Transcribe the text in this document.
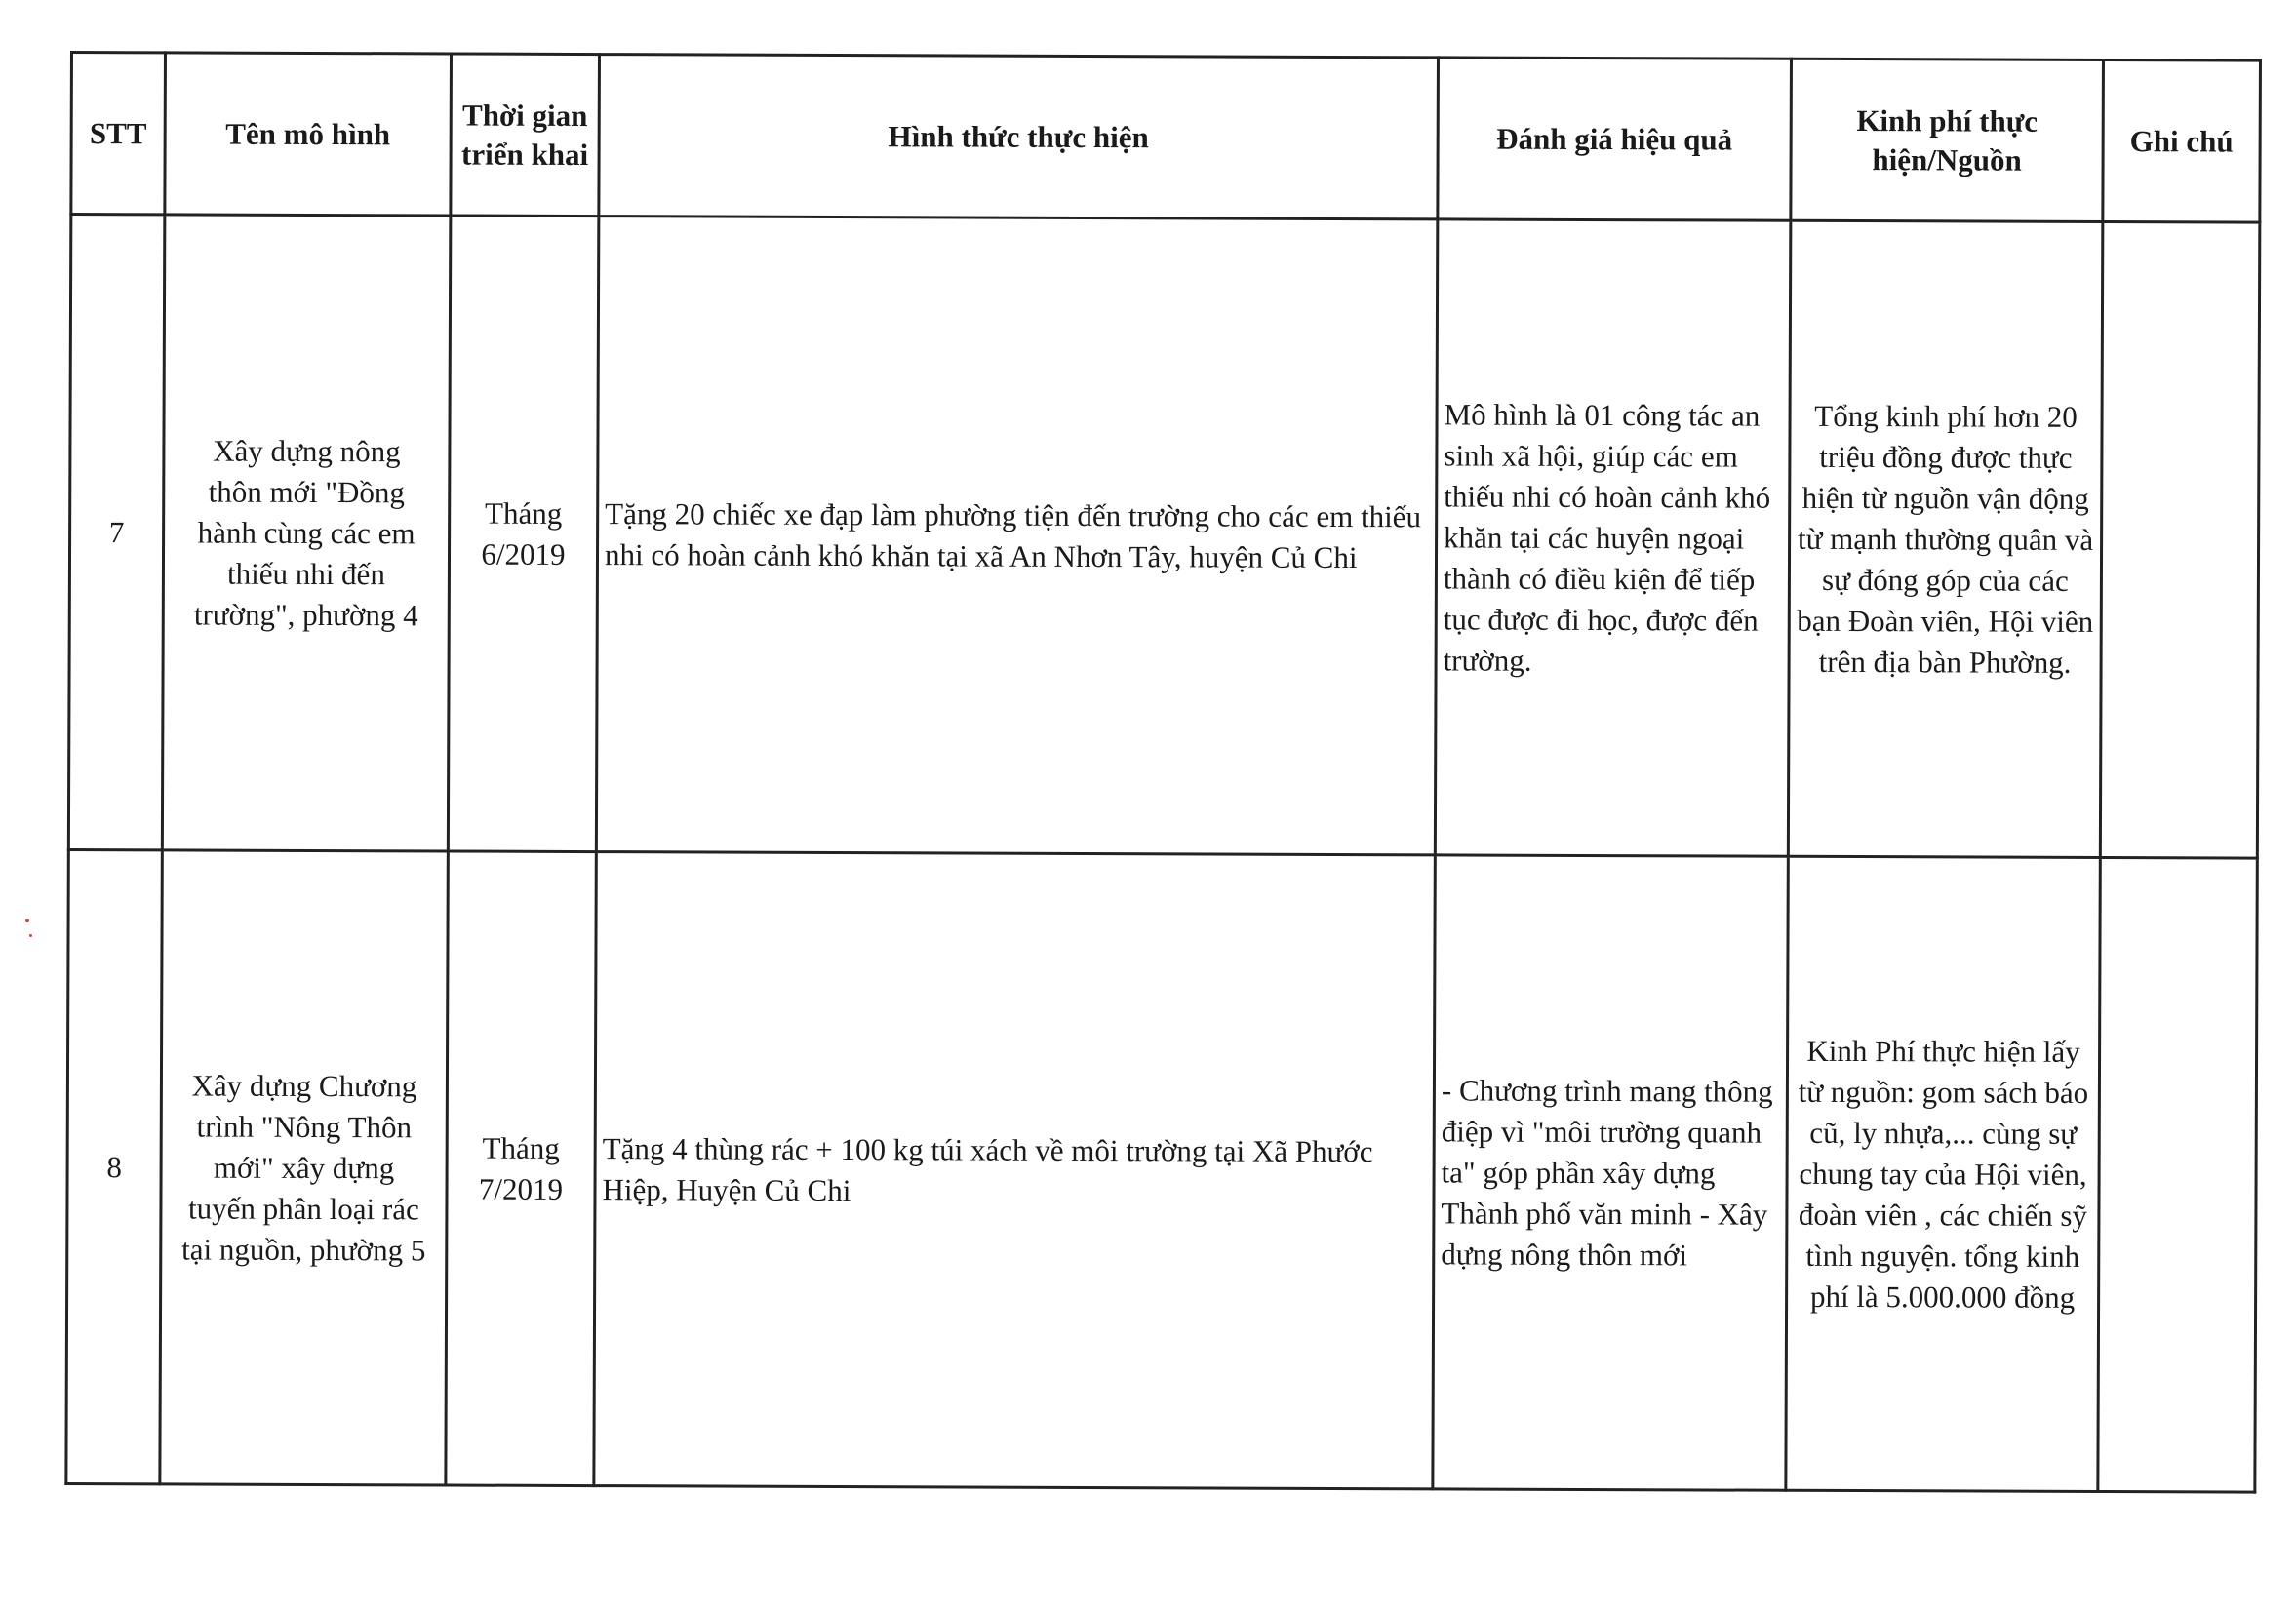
STT	Tên mô hình	Thời gian
triển khai	Hình thức thực hiện	Đánh giá hiệu quả	Kinh phí thực
hiện/Nguồn	Ghi chú

7	Xây dựng nông
thôn mới "Đồng
hành cùng các em
thiếu nhi đến
trường", phường 4	Tháng
6/2019	Tặng 20 chiếc xe đạp làm phường tiện đến trường cho các em thiếu nhi có hoàn cảnh khó khăn tại xã An Nhơn Tây, huyện Củ Chi	Mô hình là 01 công tác an sinh xã hội, giúp các em thiếu nhi có hoàn cảnh khó khăn tại các huyện ngoại thành có điều kiện để tiếp tục được đi học, được đến trường.	Tổng kinh phí hơn 20 triệu đồng được thực hiện từ nguồn vận động từ mạnh thường quân và sự đóng góp của các bạn Đoàn viên, Hội viên trên địa bàn Phường.	

8	Xây dựng Chương
trình "Nông Thôn
mới" xây dựng
tuyến phân loại rác
tại nguồn, phường 5	Tháng
7/2019	Tặng 4 thùng rác + 100 kg túi xách về môi trường tại Xã Phước Hiệp, Huyện Củ Chi	- Chương trình mang thông điệp vì "môi trường quanh ta" góp phần xây dựng Thành phố văn minh - Xây dựng nông thôn mới	Kinh Phí thực hiện lấy từ nguồn: gom sách báo cũ, ly nhựa,... cùng sự chung tay của Hội viên, đoàn viên , các chiến sỹ tình nguyện. tổng kinh phí là 5.000.000 đồng	
